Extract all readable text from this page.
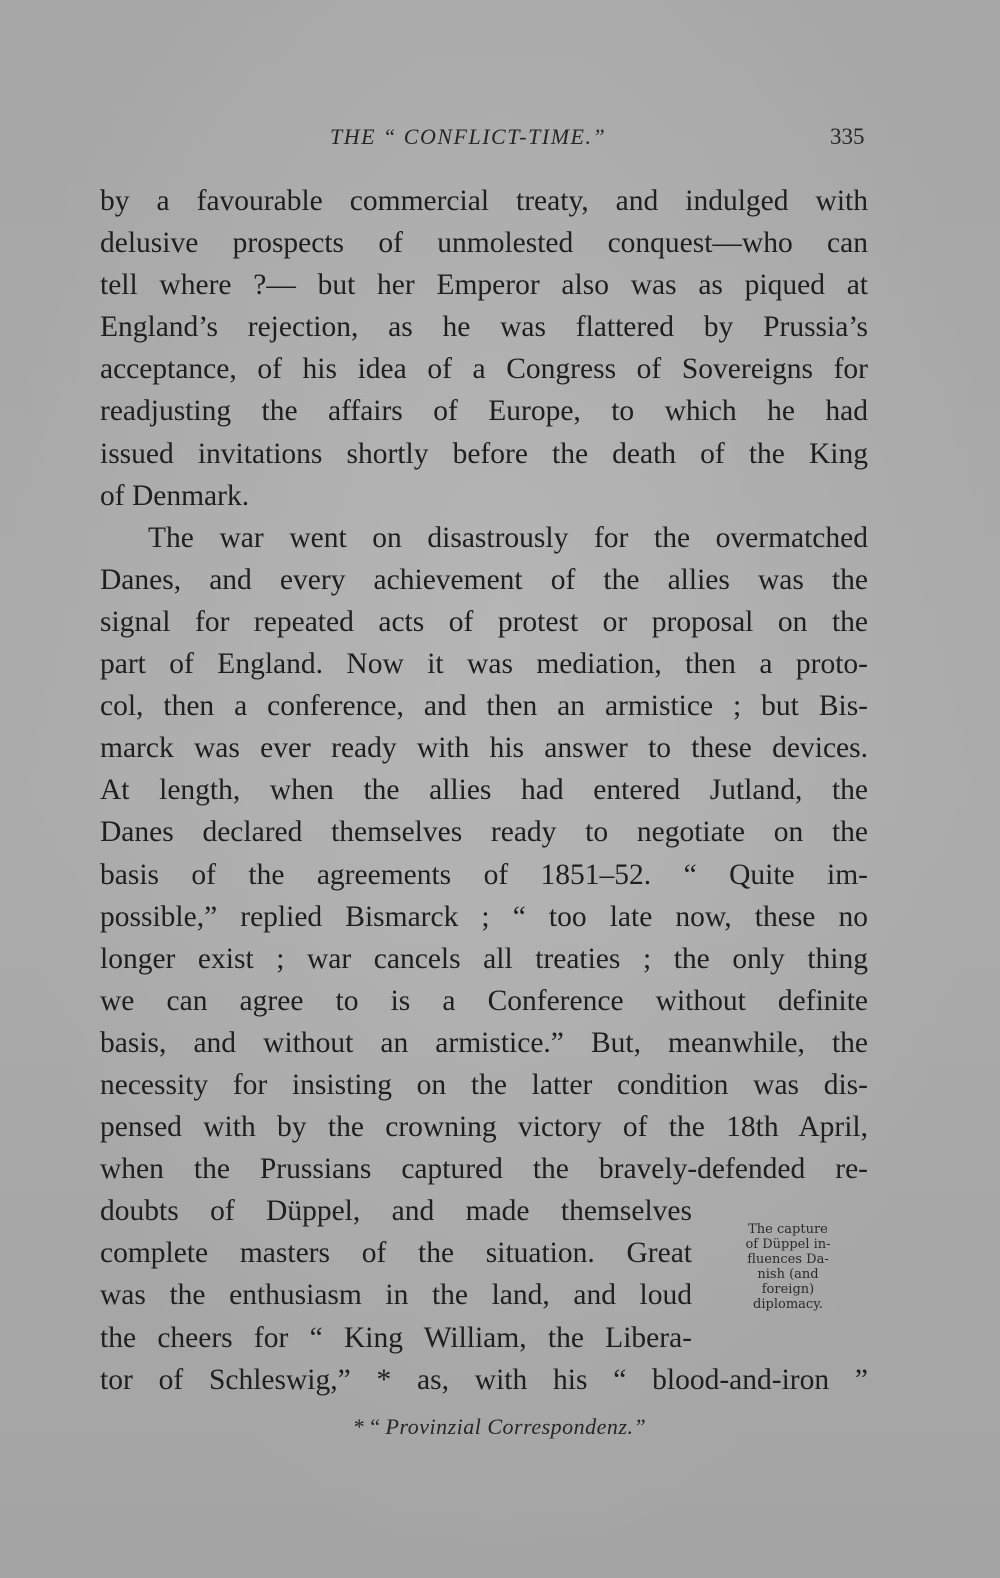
THE “ CONFLICT-TIME.”	335
by a favourable commercial treaty, and indulged with
delusive prospects of unmolested conquest—who can
tell where ?— but her Emperor also was as piqued at
England’s rejection, as he was flattered by Prussia’s
acceptance, of his idea of a Congress of Sovereigns for
readjusting the affairs of Europe, to which he had
issued invitations shortly before the death of the King
of Denmark.
The war went on disastrously for the overmatched
Danes, and every achievement of the allies was the
signal for repeated acts of protest or proposal on the
part of England. Now it was mediation, then a proto-
col, then a conference, and then an armistice ; but Bis-
marck was ever ready with his answer to these devices.
At length, when the allies had entered Jutland, the
Danes declared themselves ready to negotiate on the
basis of the agreements of 1851–52. “ Quite im-
possible,” replied Bismarck ; “ too late now, these no
longer exist ; war cancels all treaties ; the only thing
we can agree to is a Conference without definite
basis, and without an armistice.” But, meanwhile, the
necessity for insisting on the latter condition was dis-
pensed with by the crowning victory of the 18th April,
when the Prussians captured the bravely-defended re-
doubts of Düppel, and made themselves
complete masters of the situation. Great
was the enthusiasm in the land, and loud
the cheers for “ King William, the Libera-
tor of Schleswig,” * as, with his “ blood-and-iron ”
The capture
of Düppel in-
fluences Da-
nish (and
foreign)
diplomacy.
* “ Provinzial Correspondenz.”
